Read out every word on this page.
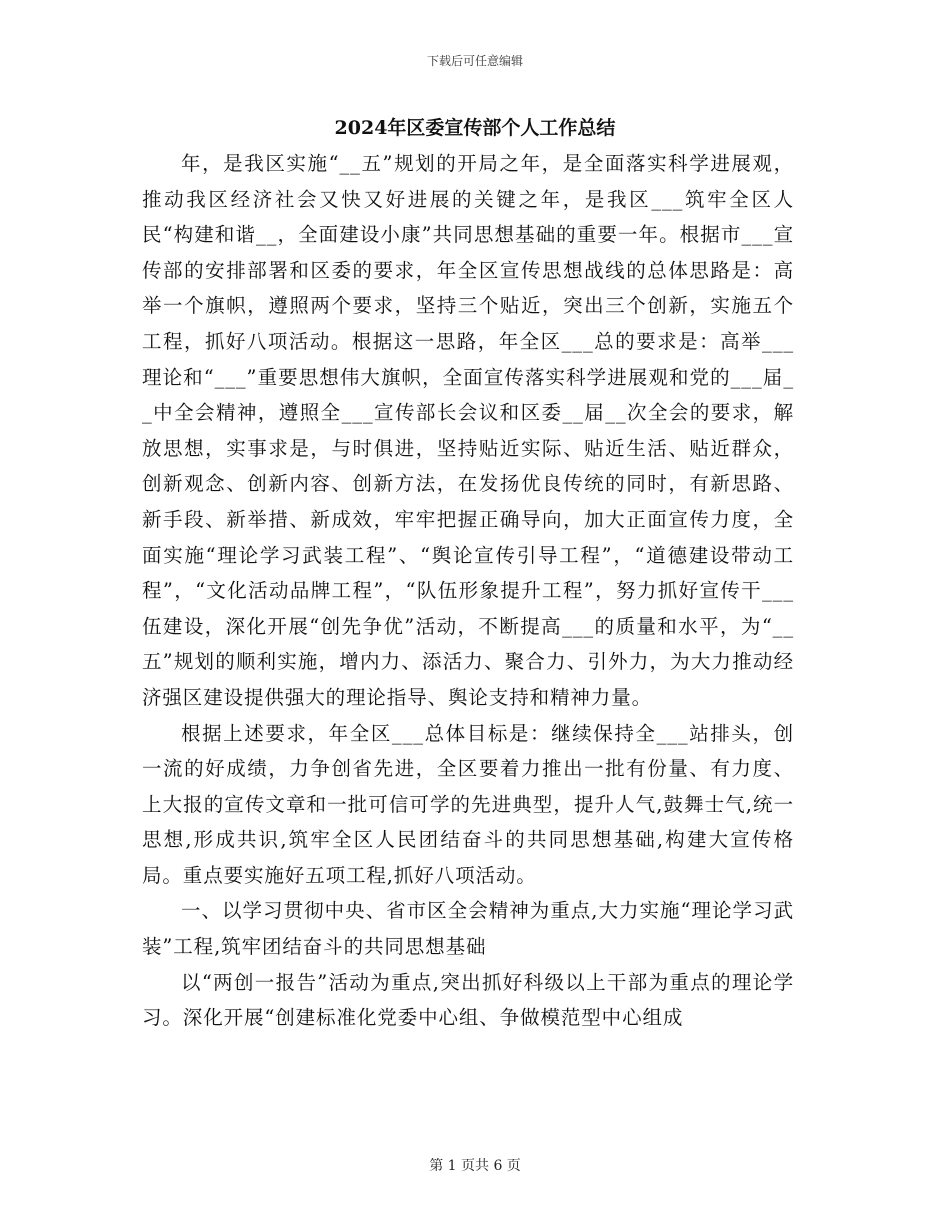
下载后可任意编辑
2024年区委宣传部个人工作总结

年，是我区实施“__五”规划的开局之年，是全面落实科学进展观，推动我区经济社会又快又好进展的关键之年，是我区___筑牢全区人民“构建和谐__，全面建设小康”共同思想基础的重要一年。根据市___宣传部的安排部署和区委的要求，年全区宣传思想战线的总体思路是：高举一个旗帜，遵照两个要求，坚持三个贴近，突出三个创新，实施五个工程，抓好八项活动。根据这一思路，年全区___总的要求是：高举___理论和“___”重要思想伟大旗帜，全面宣传落实科学进展观和党的___届__中全会精神，遵照全___宣传部长会议和区委__届__次全会的要求，解放思想，实事求是，与时俱进，坚持贴近实际、贴近生活、贴近群众，创新观念、创新内容、创新方法，在发扬优良传统的同时，有新思路、新手段、新举措、新成效，牢牢把握正确导向，加大正面宣传力度，全面实施“理论学习武装工程”、“舆论宣传引导工程”，“道德建设带动工程”，“文化活动品牌工程”，“队伍形象提升工程”，努力抓好宣传干___伍建设，深化开展“创先争优”活动，不断提高___的质量和水平，为“__五”规划的顺利实施，增内力、添活力、聚合力、引外力，为大力推动经济强区建设提供强大的理论指导、舆论支持和精神力量。

根据上述要求，年全区___总体目标是：继续保持全___站排头，创一流的好成绩，力争创省先进，全区要着力推出一批有份量、有力度、上大报的宣传文章和一批可信可学的先进典型，提升人气,鼓舞士气,统一思想,形成共识,筑牢全区人民团结奋斗的共同思想基础,构建大宣传格局。重点要实施好五项工程,抓好八项活动。

一、以学习贯彻中央、省市区全会精神为重点,大力实施“理论学习武装”工程,筑牢团结奋斗的共同思想基础

以“两创一报告”活动为重点,突出抓好科级以上干部为重点的理论学习。深化开展“创建标准化党委中心组、争做模范型中心组成

第 1 页共 6 页
